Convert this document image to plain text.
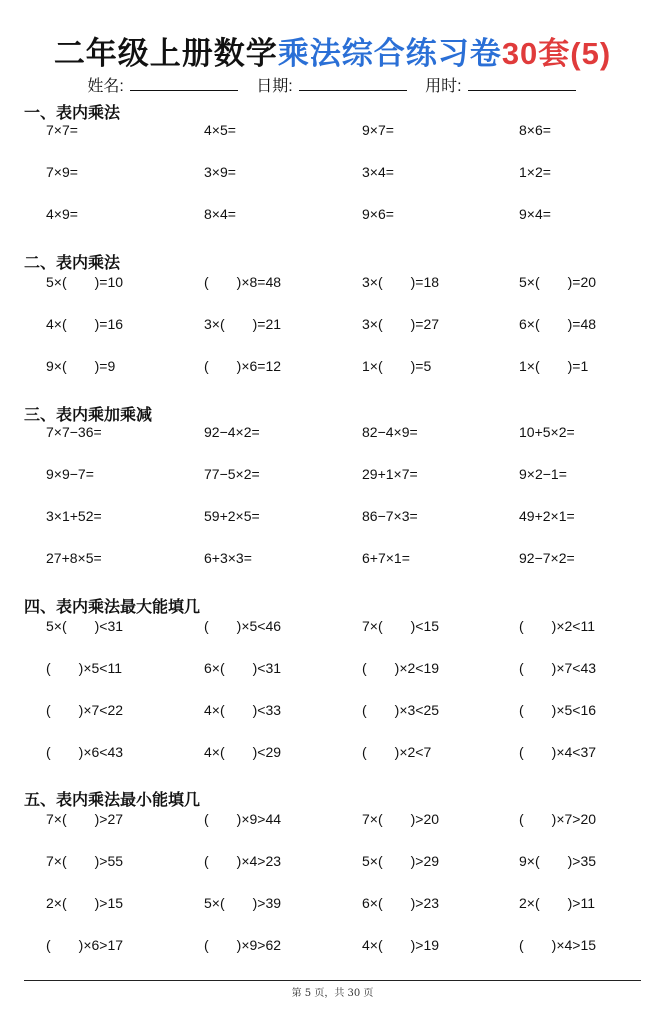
二年级上册数学乘法综合练习卷30套(5)
姓名:	日期:	用时:
一、表内乘法
7×7=	4×5=	9×7=	8×6=
7×9=	3×9=	3×4=	1×2=
4×9=	8×4=	9×6=	9×4=
二、表内乘法
5×(　　)=10	(　　)×8=48	3×(　　)=18	5×(　　)=20
4×(　　)=16	3×(　　)=21	3×(　　)=27	6×(　　)=48
9×(　　)=9	(　　)×6=12	1×(　　)=5	1×(　　)=1
三、表内乘加乘减
7×7−36=	92−4×2=	82−4×9=	10+5×2=
9×9−7=	77−5×2=	29+1×7=	9×2−1=
3×1+52=	59+2×5=	86−7×3=	49+2×1=
27+8×5=	6+3×3=	6+7×1=	92−7×2=
四、表内乘法最大能填几
5×(　　)<31	(　　)×5<46	7×(　　)<15	(　　)×2<11
(　　)×5<11	6×(　　)<31	(　　)×2<19	(　　)×7<43
(　　)×7<22	4×(　　)<33	(　　)×3<25	(　　)×5<16
(　　)×6<43	4×(　　)<29	(　　)×2<7	(　　)×4<37
五、表内乘法最小能填几
7×(　　)>27	(　　)×9>44	7×(　　)>20	(　　)×7>20
7×(　　)>55	(　　)×4>23	5×(　　)>29	9×(　　)>35
2×(　　)>15	5×(　　)>39	6×(　　)>23	2×(　　)>11
(　　)×6>17	(　　)×9>62	4×(　　)>19	(　　)×4>15
第 5 页，共 30 页
